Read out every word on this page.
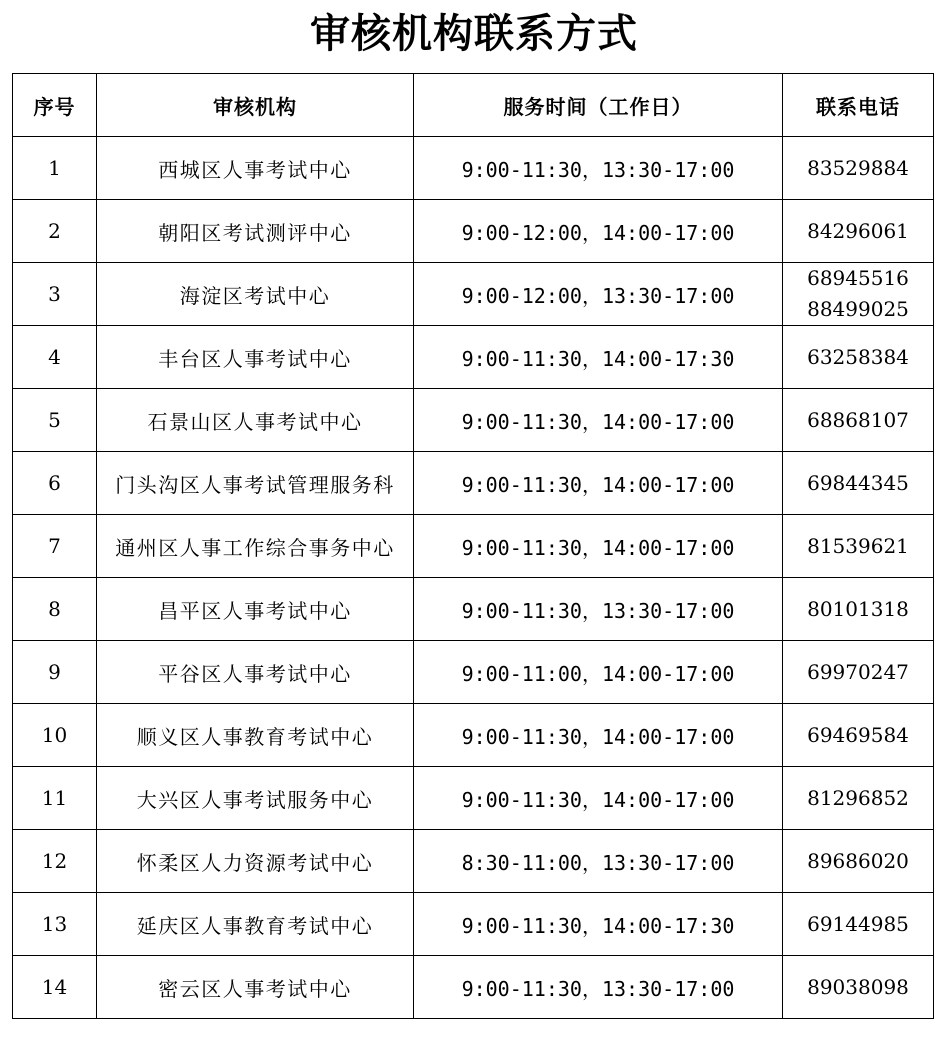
审核机构联系方式
序号	审核机构	服务时间（工作日）	联系电话
1	西城区人事考试中心	9:00-11:30，13:30-17:00	83529884

2	朝阳区考试测评中心	9:00-12:00，14:00-17:00	84296061

3	海淀区考试中心	9:00-12:00，13:30-17:00	68945516
88499025

4	丰台区人事考试中心	9:00-11:30，14:00-17:30	63258384

5	石景山区人事考试中心	9:00-11:30，14:00-17:00	68868107

6	门头沟区人事考试管理服务科	9:00-11:30，14:00-17:00	69844345

7	通州区人事工作综合事务中心	9:00-11:30，14:00-17:00	81539621

8	昌平区人事考试中心	9:00-11:30，13:30-17:00	80101318

9	平谷区人事考试中心	9:00-11:00，14:00-17:00	69970247

10	顺义区人事教育考试中心	9:00-11:30，14:00-17:00	69469584

11	大兴区人事考试服务中心	9:00-11:30，14:00-17:00	81296852

12	怀柔区人力资源考试中心	8:30-11:00，13:30-17:00	89686020

13	延庆区人事教育考试中心	9:00-11:30，14:00-17:30	69144985

14	密云区人事考试中心	9:00-11:30，13:30-17:00	89038098
